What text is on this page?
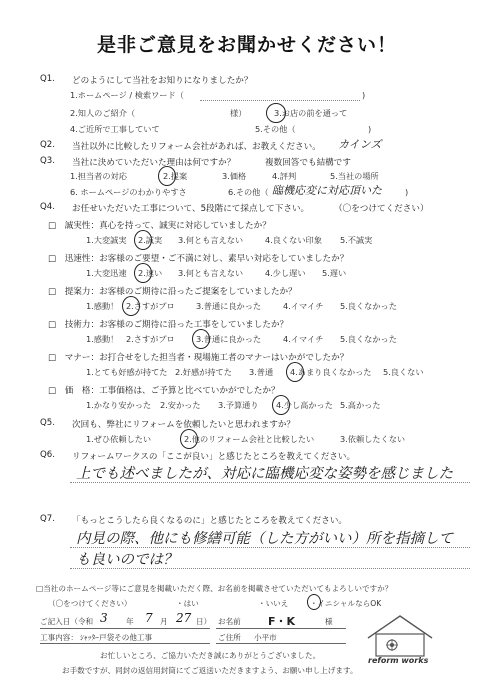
是非ご意見をお聞かせください！
Q1. どのようにして当社をお知りになりましたか？
1.ホームページ / 検索ワード（	)
2.知人のご紹介（	様）	3.お店の前を通って
4.ご近所で工事していて	5.その他（	)
Q2. 当社以外に比較したリフォーム会社があれば、お教えください。 カインズ
Q3. 当社に決めていただいた理由は何ですか？	複数回答でも結構です
1.担当者の対応	2.提案	3.価格	4.評判	5.当社の場所
6. ホームページのわかりやすさ	6.その他（ 臨機応変に対応頂いた	)
Q4. お任せいただいた工事について、5段階にて採点して下さい。	（〇をつけてください）
□　誠実性：真心を持って、誠実に対応していましたか？
1.大変誠実 2.誠実 3.何とも言えない	4.良くない印象 5.不誠実
□　迅速性：お客様のご要望・ご不満に対し、素早い対応をしていましたか？
1.大変迅速 2.速い 3.何とも言えない	4.少し遅い 5.遅い
□　提案力：お客様のご期待に沿ったご提案をしていましたか？
1.感動！ 2.さすがプロ	3.普通に良かった	4.イマイチ 5.良くなかった
□　技術力：お客様のご期待に沿った工事をしていましたか？
1.感動！ 2.さすがプロ	3.普通に良かった	4.イマイチ 5.良くなかった
□　マナー：お打合せをした担当者・現場施工者のマナーはいかがでしたか？
1.とても好感が持てた 2.好感が持てた 3.普通 4.あまり良くなかった 5.良くない
□　価　格：工事価格は、ご予算と比べていかがでしたか？
1.かなり安かった 2.安かった 3.予算通り 4.少し高かった 5.高かった
Q5. 次回も、弊社にリフォームを依頼したいと思われますか？
1.ぜひ依頼したい	2.他のリフォーム会社と比較したい	3.依頼したくない
Q6. リフォームワークスの「ここが良い」と感じたところを教えてください。
上でも述べましたが、対応に臨機応変な姿勢を感じました
Q7. 「もっとこうしたら良くなるのに」と感じたところを教えてください。
内見の際、他にも修繕可能（した方がいい）所を指摘して
も良いのでは？
□当社のホームページ等にご意見を掲載いただく際、お名前を掲載させていただいてもよろしいですか？
（〇をつけてください）	・はい	・いいえ	・イニシャルならOK
ご記入日（令和 3 年 7 月 27 日） お名前 F・K	様
工事内容： ｼｬｯﾀｰ戸袋その他工事	ご住所 小平市
お忙しいところ、ご協力いただき誠にありがとうございました。
お手数ですが、同封の返信用封筒にてご返送いただきますよう、お願い申し上げます。
reform works
